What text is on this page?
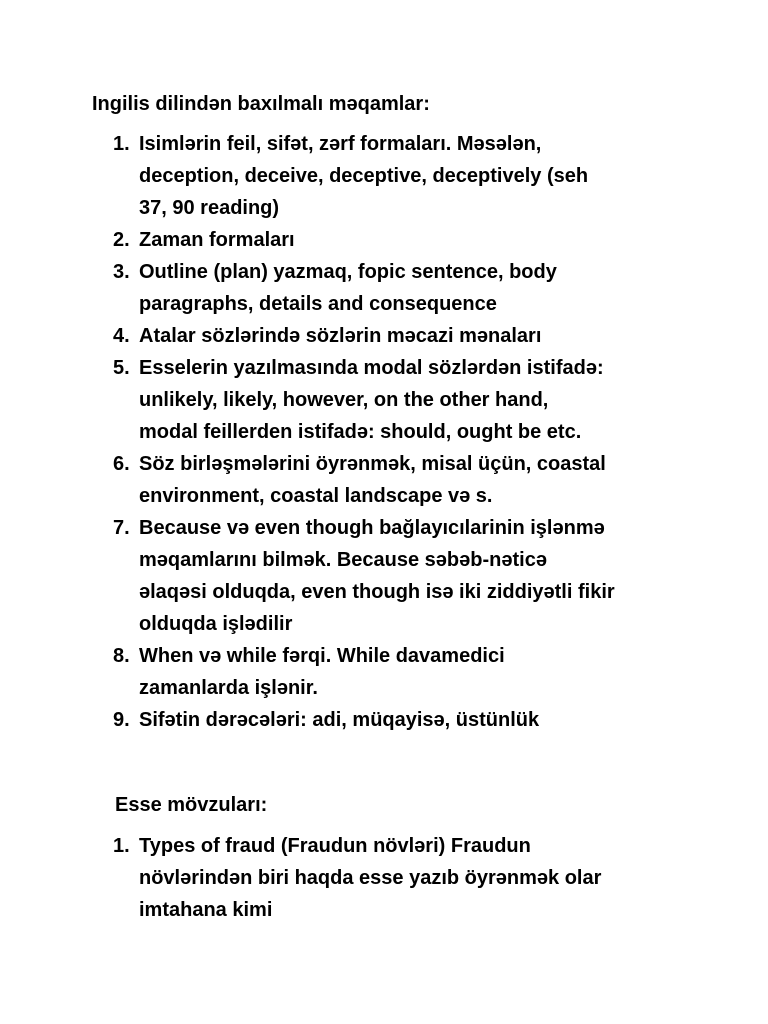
Ingilis dilindən baxılmalı məqamlar:
1. Isimlərin feil, sifət, zərf formaları. Məsələn,
deception, deceive, deceptive, deceptively (seh
37, 90 reading)
2. Zaman formaları
3. Outline (plan) yazmaq, fopic sentence, body
paragraphs, details and consequence
4. Atalar sözlərində sözlərin məcazi mənaları
5. Esselerin yazılmasında modal sözlərdən istifadə:
unlikely, likely, however, on the other hand,
modal feillerden istifadə: should, ought be etc.
6. Söz birləşmələrini öyrənmək, misal üçün, coastal
environment, coastal landscape və s.
7. Because və even though bağlayıcılarinin işlənmə
məqamlarını bilmək. Because səbəb-nəticə
əlaqəsi olduqda, even though isə iki ziddiyətli fikir
olduqda işlədilir
8. When və while fərqi. While davamedici
zamanlarda işlənir.
9. Sifətin dərəcələri: adi, müqayisə, üstünlük
Esse mövzuları:
1. Types of fraud (Fraudun növləri) Fraudun
növlərindən biri haqda esse yazıb öyrənmək olar
imtahana kimi
